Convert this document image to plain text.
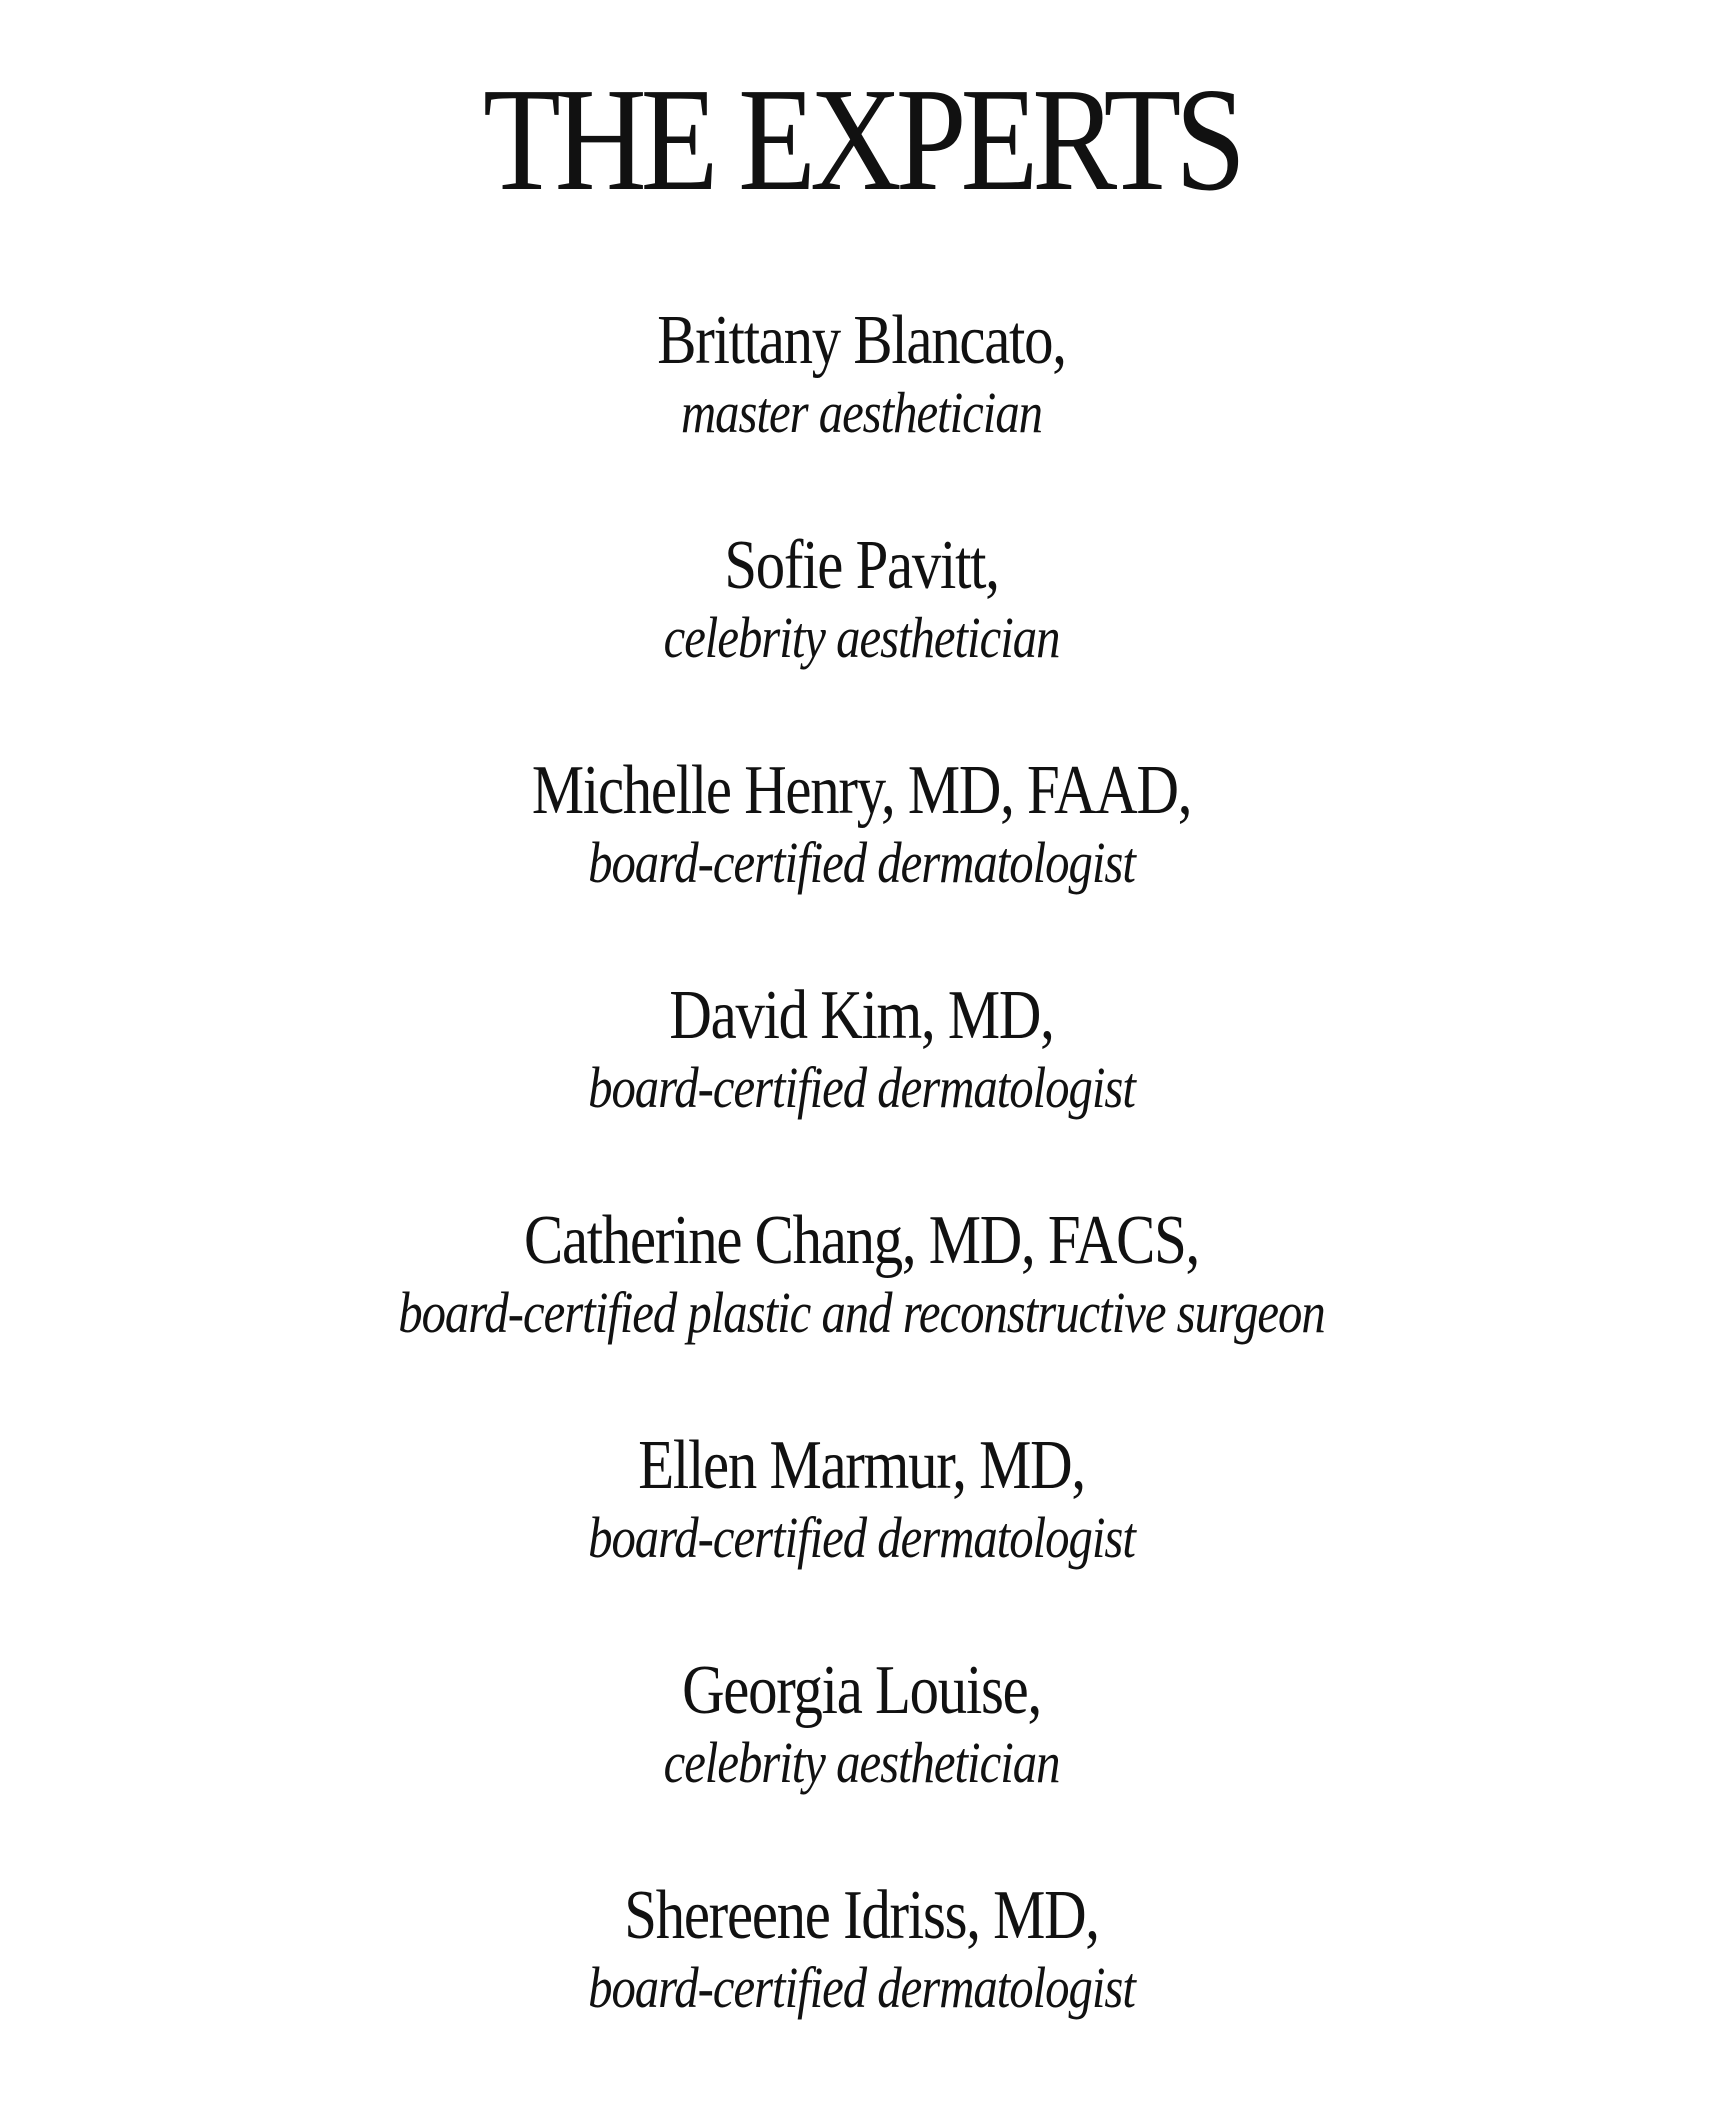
THE EXPERTS
Brittany Blancato,
master aesthetician
Sofie Pavitt,
celebrity aesthetician
Michelle Henry, MD, FAAD,
board-certified dermatologist
David Kim, MD,
board-certified dermatologist
Catherine Chang, MD, FACS,
board-certified plastic and reconstructive surgeon
Ellen Marmur, MD,
board-certified dermatologist
Georgia Louise,
celebrity aesthetician
Shereene Idriss, MD,
board-certified dermatologist
